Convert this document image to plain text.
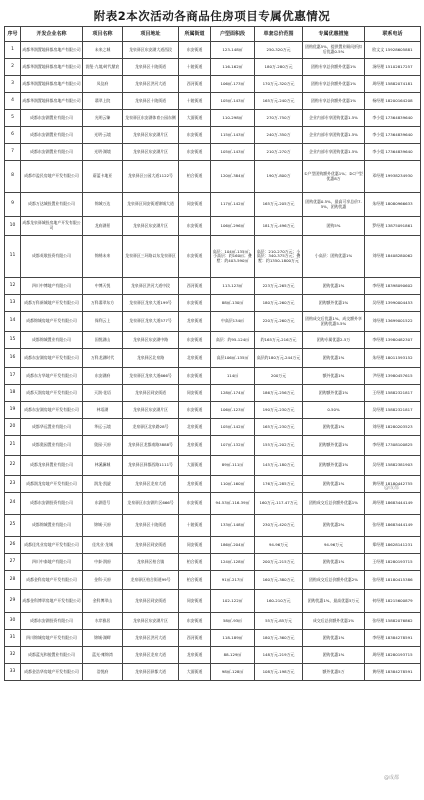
附表2本次活动各商品住房项目专属优惠情况
序号	开发企业名称	项目名称	项目地址	所属街道	户型面积段	单套总价范围	专属优惠措施	联系电话
1	成都华润置地驿都房地产有限公司	未来之城	龙泉驿区东安湖大道西段	东安街道	123-148㎡	250-320万元	团购优惠5%，提供置业顾问折扣后优惠0.5%	欧文文 15928605881
2	成都华润置地驿都房地产有限公司	润玺·九境/时代鼎宸	龙泉驿区十陵街道	十陵街道	116-162㎡	180万-280万元	团购专享总价额外优惠1%	汤经理 15102817257
3	成都华润置地驿都房地产有限公司	凤仪府	龙泉驿区洪河大道	西河街道	106㎡-173㎡	170万元-320万元	团购专享总价额外优惠1%	周经理 15882074181
4	成都华润置地驿都房地产有限公司	翡翠上院	龙泉驿区十陵街道	十陵街道	105㎡-143㎡	165万元-240万元	团购专享总价额外优惠1%	杨经理 18200164208
5	成都东安湖置业有限公司	光明云臻	龙泉驿区东安湖体育公园东侧	大面街道	110-298㎡	270万-750万	企业内部专享团购优惠1.5%	李小姐 17364839640
6	成都东安湖置业有限公司	光明·云境	龙泉驿区东安湖片区	东安街道	115㎡-143㎡	240万-350万	企业内部专享团购优惠1.5%	李小姐 17364839640
7	成都东安湖置业有限公司	光明·湖境	龙泉驿区东安湖片区	东安街道	105㎡-143㎡	210万-270万	企业内部专享团购优惠1.5%	李小姐 17364839640
8	成都市盈民房地产开发有限公司	蔚蓝卡地亚	龙泉驿区公园大道1122号	柏合街道	120㎡-384㎡	190万-800万	①户型团购额外优惠1%；②C户型优惠8万	邓经理 19938234930
9	成都万达城投置业有限公司	锦城万达	龙泉驿区同安街道锦城大道	同安街道	117㎡-142㎡	165万元-205万元	团购优惠0.5%，最高可享总价7.5%，团购优惠	朱经理 18080966633
10	成都龙泉驿城投房地产开发有限公司	龙府湖景	龙泉驿区东安湖片区	东安街道	106㎡-296㎡	181万元-496万元	团购5%	罗经理 13875091861
11	成都英歌投资有限公司	锦绣未来	龙泉驿区三环路以东龙泉驿区	东安街道	高层：104㎡-135㎡；小高层：约160㎡；叠墅：约403-590㎡	高层：210-270万元；小高层：340-375万元；叠墅：约1350-1800万元	小高层：团购优惠1%	刘经理 18408280062
12	四川中博地产有限公司	中博天悦	龙泉驿区洪河大道中段	西河街道	113-123㎡	223万元-265万元	团购优惠1%	李经理 18398090602
13	成都万科新城地产开发有限公司	万科翡翠东方	龙泉驿区龙泉大道199号	东安街道	88㎡-130㎡	180万元-260万元	团购额外优惠1%	吴经理 13990004453
14	成都锦城房地产开发有限公司	保利云上	龙泉驿区龙泉大道577号	龙泉街道	中高层134㎡	220万元-260万元	团购成交后优惠1%，成交额外享团购优惠5.5%	刘经理 13699001522
15	成都锦城置业有限公司	国悦湖山	龙泉驿区东安湖中路	东安街道	高层：约95-124㎡	约165万元-216万元	团购专属优惠2-5万	李经理 13980482307
16	成都东安湖房地产开发有限公司	万科龙湖时代	龙泉驿区北泉路	北泉街道	高层106㎡-135㎡	高层约180万元-244万元	团购优惠1%	朱经理 18011593152
17	成都东方华地产开发有限公司	东安湖府	龙泉驿区龙泉大道666号	东安街道	114㎡	200万元	额外优惠1%	尹经理 13980457615
18	成都天润房地产开发有限公司	天润·花语	龙泉驿区同安街道	同安街道	128㎡-174㎡	186万元-256万元	团购额外优惠1%	王经理 15882321817
19	成都东安湖房地产开发有限公司	林语湖	龙泉驿区东安湖片区	东安街道	106㎡-123㎡	190万元-230万元	0.50%	吴经理 15882321817
20	成都华远置业有限公司	华远·云境	龙泉驿区北泉路28号	北泉街道	105㎡-142㎡	165万元-230万元	团购优惠1%	刘经理 18280203523
21	成都奥园置业有限公司	奥园·天府	龙泉驿区龙都南路3888号	龙泉街道	107㎡-132㎡	155万元-202万元	团购额外优惠1%	李经理 17308100825
22	成都龙泉驿置业有限公司	林溪澜城	龙泉驿区驿都西路1111号	大面街道	89㎡-111㎡	145万元-180万元	团购额外优惠1%	吴经理 15882381903
23	成都润龙房地产开发有限公司	润龙·凯旋	龙泉驿区龙泉大道	龙泉街道	110㎡-160㎡	176万元-285万元	团购优惠1%	黄经理 18180442755
24	成都东安湖投资有限公司	东湖壹号	龙泉驿区东安湖片区666号	东安街道	94.53㎡-116.39㎡	160万元-117.47万元	团购成交后总价额外优惠1%	周经理 18683444149
25	成都锦城置业有限公司	锦城·天府	龙泉驿区十陵街道	十陵街道	133㎡-148㎡	230万元-420万元	团购优惠2%	张经理 18683444149
26	成都佳兆业房地产开发有限公司	佳兆业·龙城	龙泉驿区同安街道	同安街道	186㎡-204㎡	94-96万元	94-96万元	郑经理 18628141231
27	四川中泰地产有限公司	中泰·润府	龙泉驿区柏合镇	柏合街道	124㎡-128㎡	200万元-215万元	团购优惠1%	王经理 18280193715
28	成都金科房地产开发有限公司	金科·天府	龙泉驿区柏合街道99号	柏合街道	91㎡-217㎡	160万元-380万元	团购成交后总价额外优惠2%	张经理 18180415386
29	成都金科博翠房地产开发有限公司	金科博翠山	龙泉驿区同安街道	同安街道	102-122㎡	160-210万元	团购优惠1%，最高优惠5万元	何经理 18215600879
30	成都东安湖投资有限公司	水岸雅居	龙泉驿区东安湖片区	东安街道	58㎡-93㎡	55万元-85万元	成交后总价额外优惠1%	张经理 15882076862
31	四川锦城房地产开发有限公司	锦城·湖畔	龙泉驿区洪河大道	西河街道	118-189㎡	180万元-360万元	团购优惠1%	李经理 18384278591
32	成都蓝光和骏置业有限公司	蓝光·雍锦湾	龙泉驿区龙泉大道	龙泉街道	88-129㎡	148万元-219万元	团购优惠1%	周经理 18280193715
33	成都金浩华房地产开发有限公司	浩悦府	龙泉驿区驿都大道	大面街道	98㎡-128㎡	108万元-198万元	额外优惠5万	黄经理 18384278591
@成都
@成都
